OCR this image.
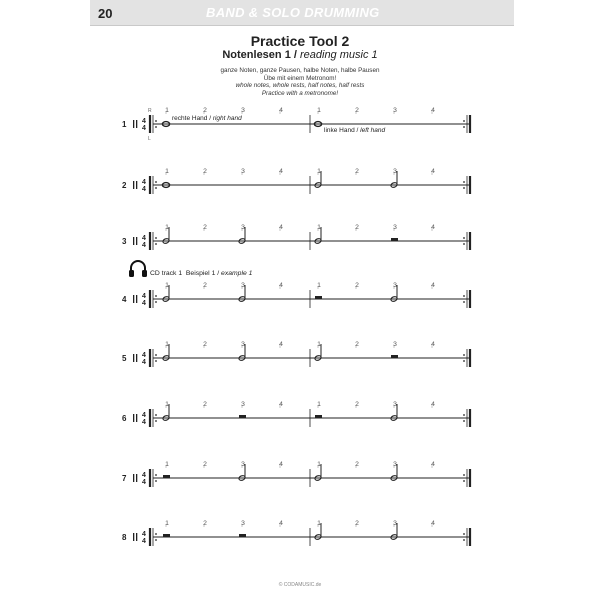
20	BAND & SOLO DRUMMING
Practice Tool 2
Notenlesen 1 / reading music 1
ganze Noten, ganze Pausen, halbe Noten, halbe Pausen
Übe mit einem Metronom!
whole notes, whole rests, half notes, half rests
Practice with a metronome!
CD track 1 Beispiel 1 / example 1
1 4
4
1	2	3	4	1	2	3	4
2 4
4
1	2	3	4	1	2	3	4
3 4
4
1	2	3	4	1	2	3	4
4 4
4
1	2	3	4	1	2	3	4
5 4
4
1	2	3	4	1	2	3	4
6 4
4
1	2	3	4	1	2	3	4
7 4
4
1	2	3	4	1	2	3	4
8 4
4
1	2	3	4	1	2	3	4
R
L
rechte Hand / right hand
linke Hand / left hand
© CODAMUSIC.de
